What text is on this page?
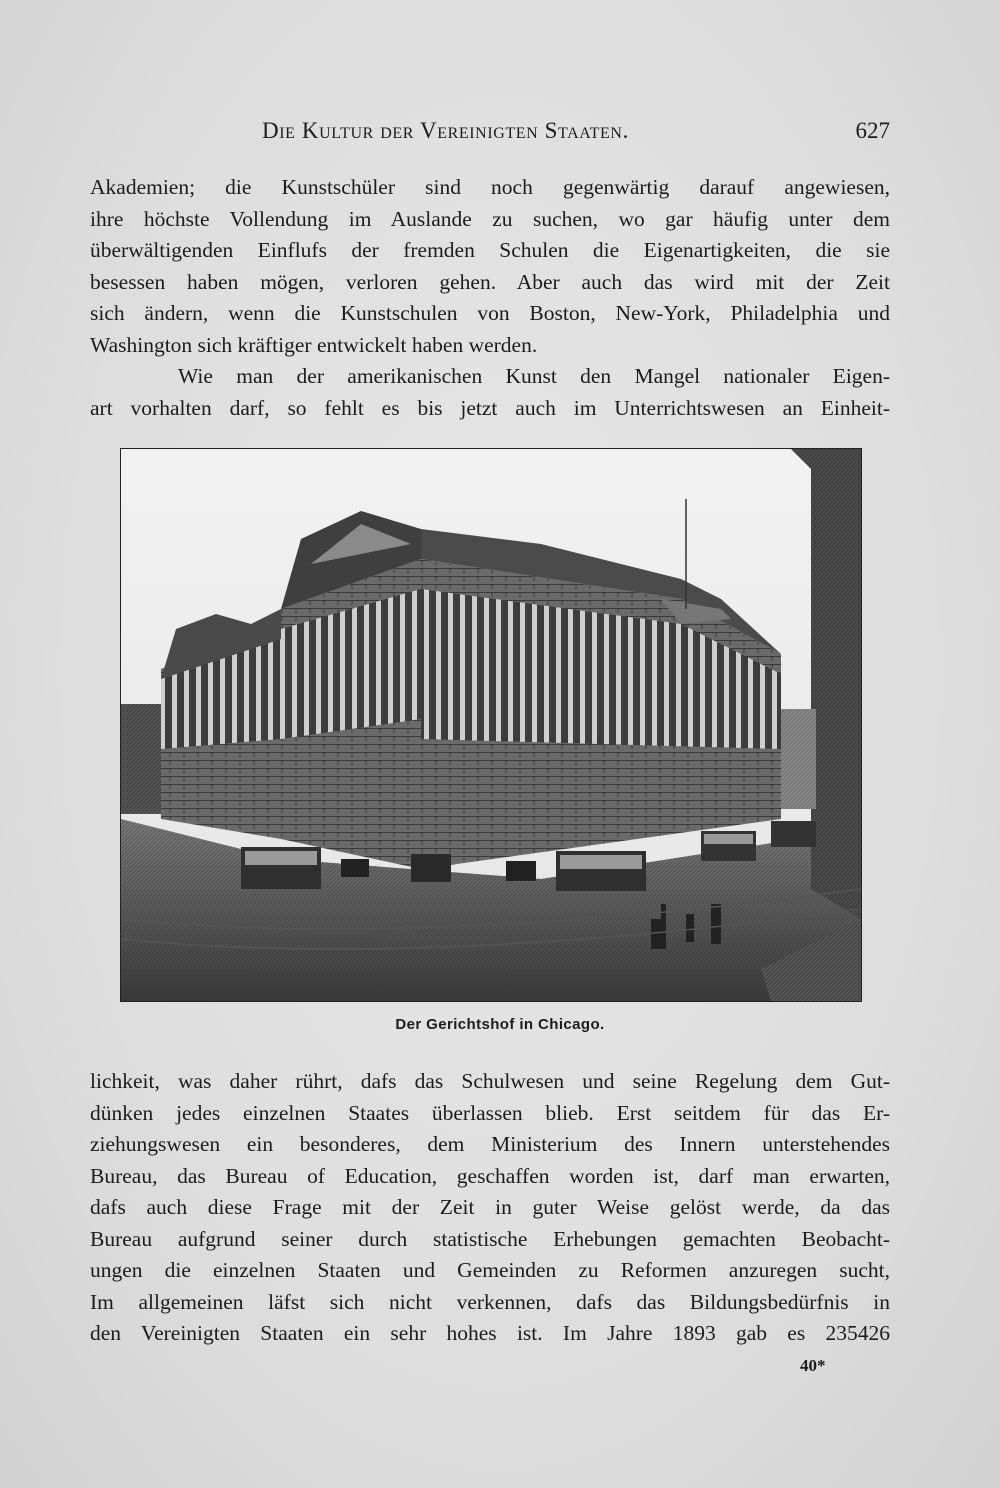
Die Kultur der Vereinigten Staaten.	627
Akademien; die Kunstschüler sind noch gegenwärtig darauf angewiesen,
ihre höchste Vollendung im Auslande zu suchen, wo gar häufig unter dem
überwältigenden Einflufs der fremden Schulen die Eigenartigkeiten, die sie
besessen haben mögen, verloren gehen. Aber auch das wird mit der Zeit
sich ändern, wenn die Kunstschulen von Boston, New-York, Philadelphia und
Washington sich kräftiger entwickelt haben werden.
Wie man der amerikanischen Kunst den Mangel nationaler Eigen-
art vorhalten darf, so fehlt es bis jetzt auch im Unterrichtswesen an Einheit-
Der Gerichtshof in Chicago.
lichkeit, was daher rührt, dafs das Schulwesen und seine Regelung dem Gut-
dünken jedes einzelnen Staates überlassen blieb. Erst seitdem für das Er-
ziehungswesen ein besonderes, dem Ministerium des Innern unterstehendes
Bureau, das Bureau of Education, geschaffen worden ist, darf man erwarten,
dafs auch diese Frage mit der Zeit in guter Weise gelöst werde, da das
Bureau aufgrund seiner durch statistische Erhebungen gemachten Beobacht-
ungen die einzelnen Staaten und Gemeinden zu Reformen anzuregen sucht,
Im allgemeinen läfst sich nicht verkennen, dafs das Bildungsbedürfnis in
den Vereinigten Staaten ein sehr hohes ist. Im Jahre 1893 gab es 235426
40*
